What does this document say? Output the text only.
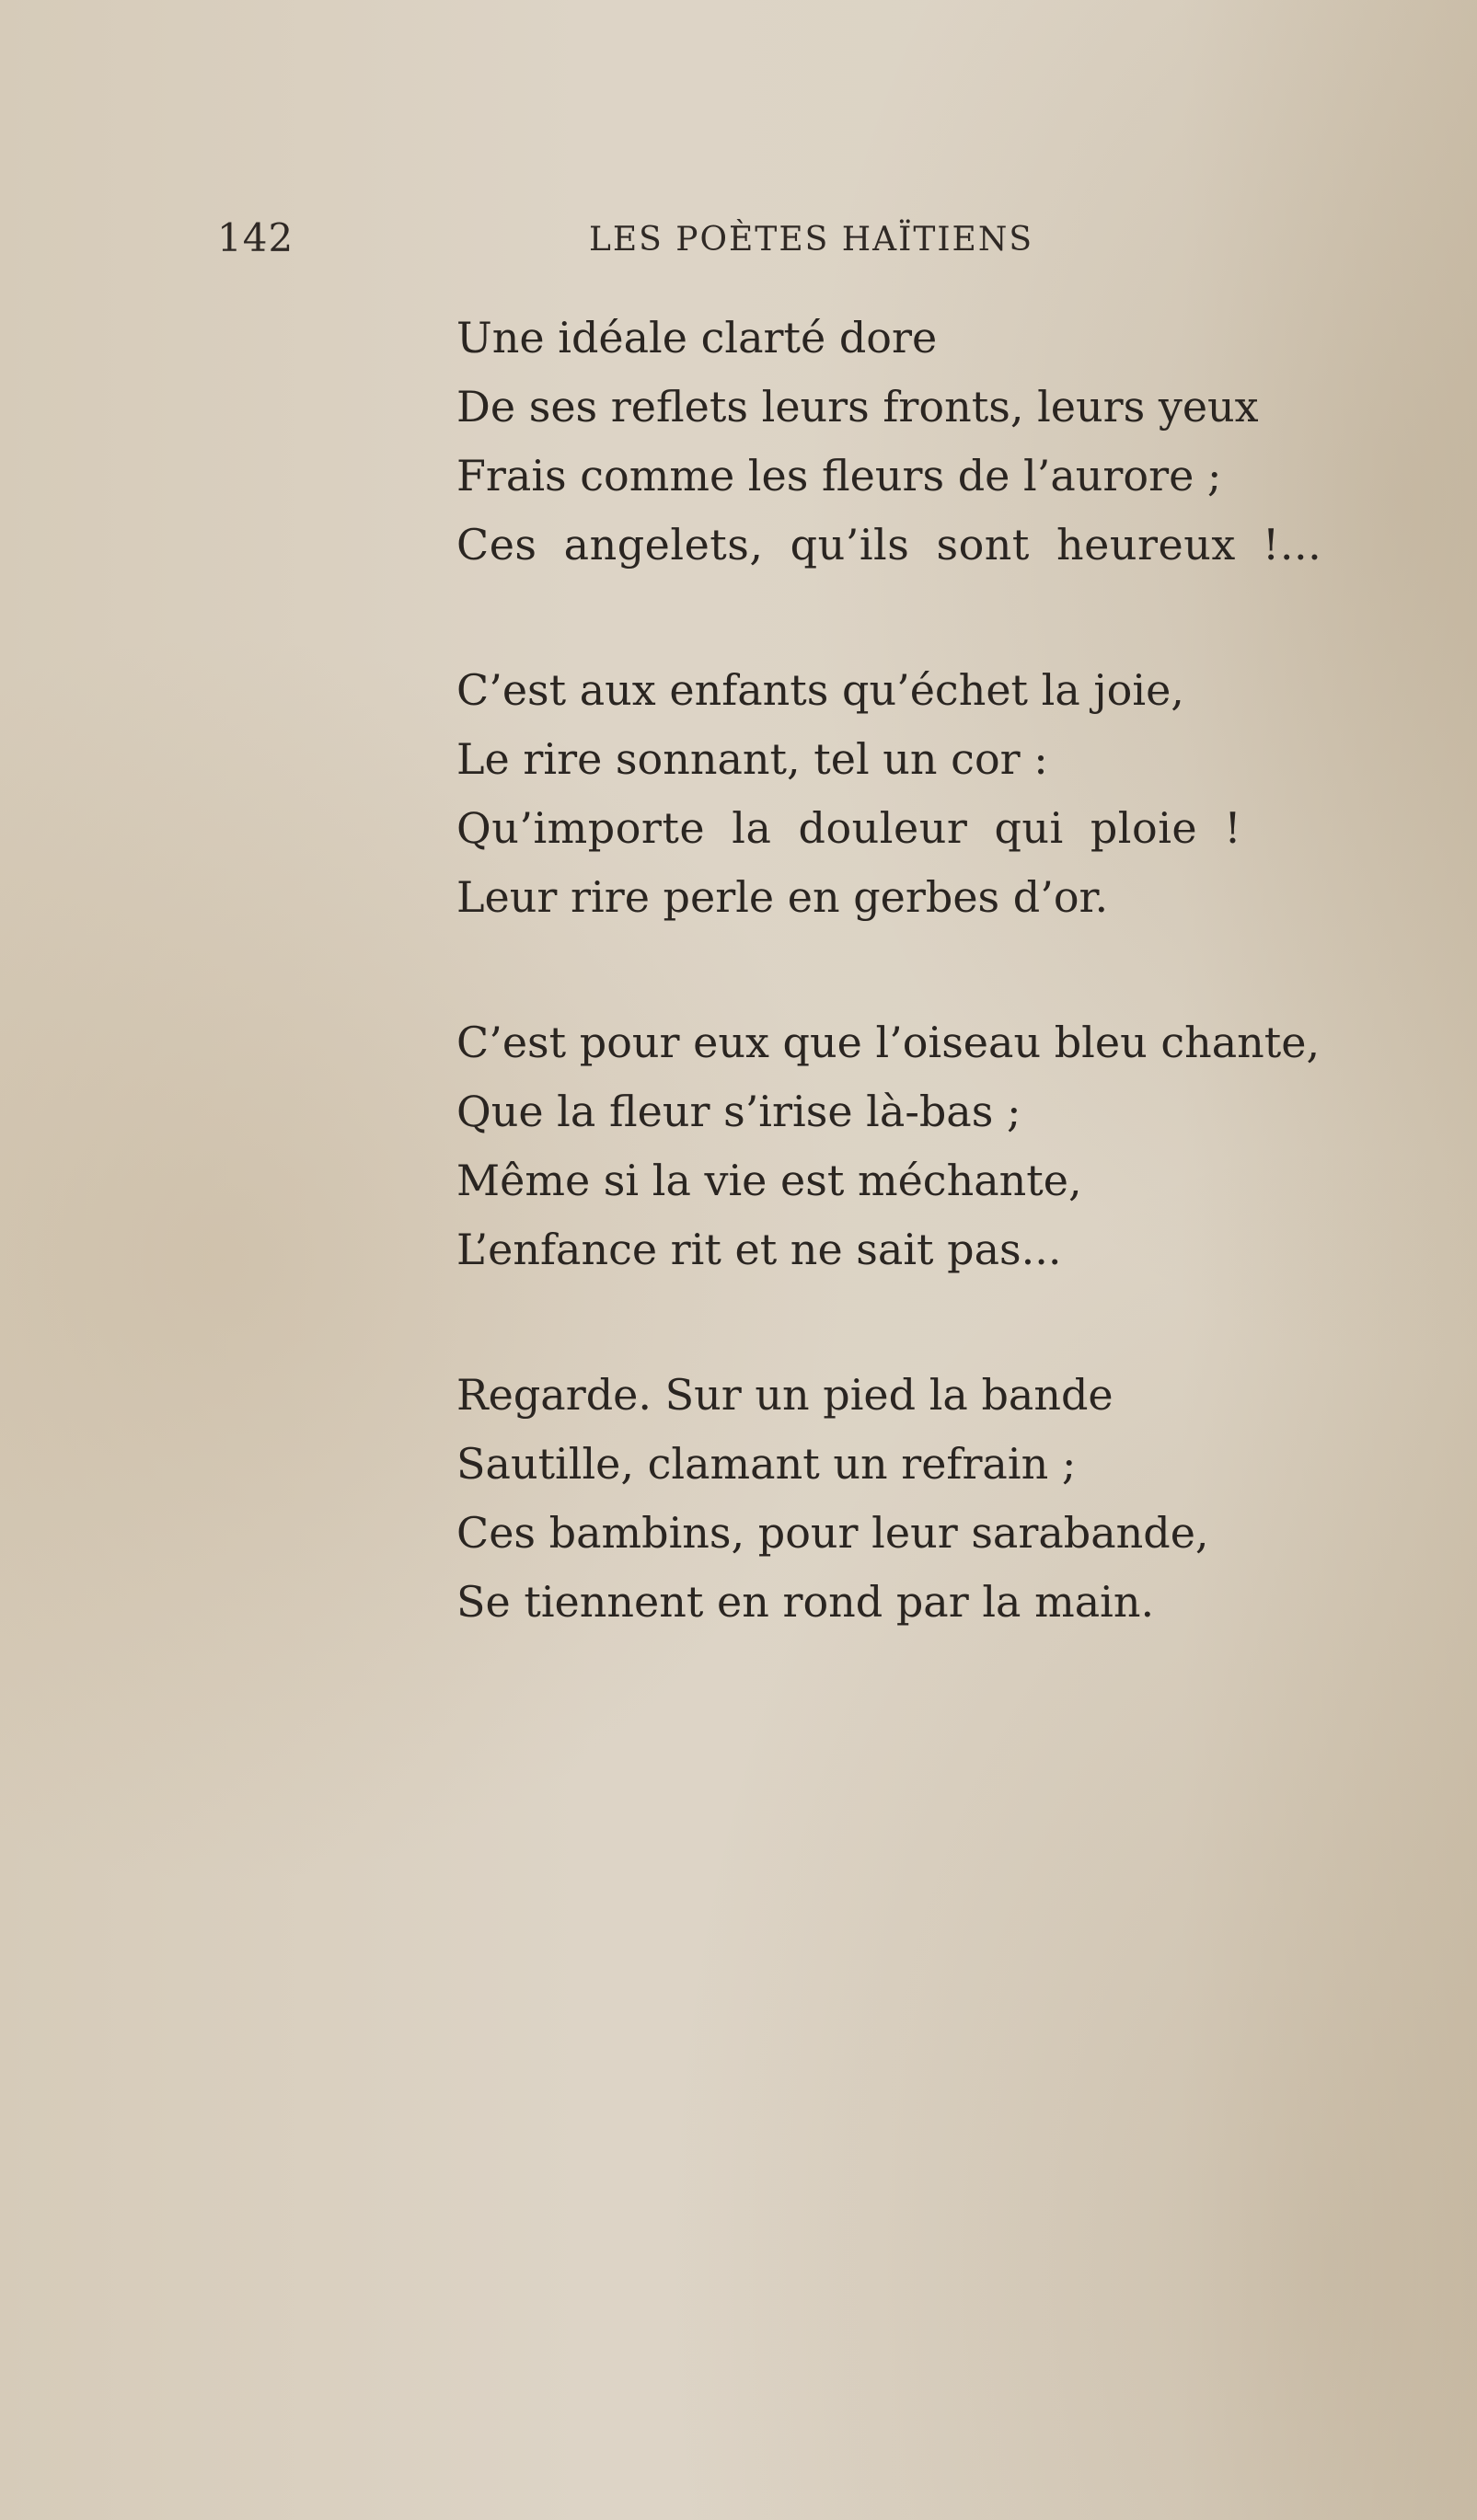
142	LES POÈTES HAÏTIENS
Une idéale clarté dore
De ses reflets leurs fronts, leurs yeux
Frais comme les fleurs de l’aurore ;
Ces angelets, qu’ils sont heureux !...
C’est aux enfants qu’échet la joie,
Le rire sonnant, tel un cor :
Qu’importe la douleur qui ploie !
Leur rire perle en gerbes d’or.
C’est pour eux que l’oiseau bleu chante,
Que la fleur s’irise là-bas ;
Même si la vie est méchante,
L’enfance rit et ne sait pas...
Regarde. Sur un pied la bande
Sautille, clamant un refrain ;
Ces bambins, pour leur sarabande,
Se tiennent en rond par la main.
